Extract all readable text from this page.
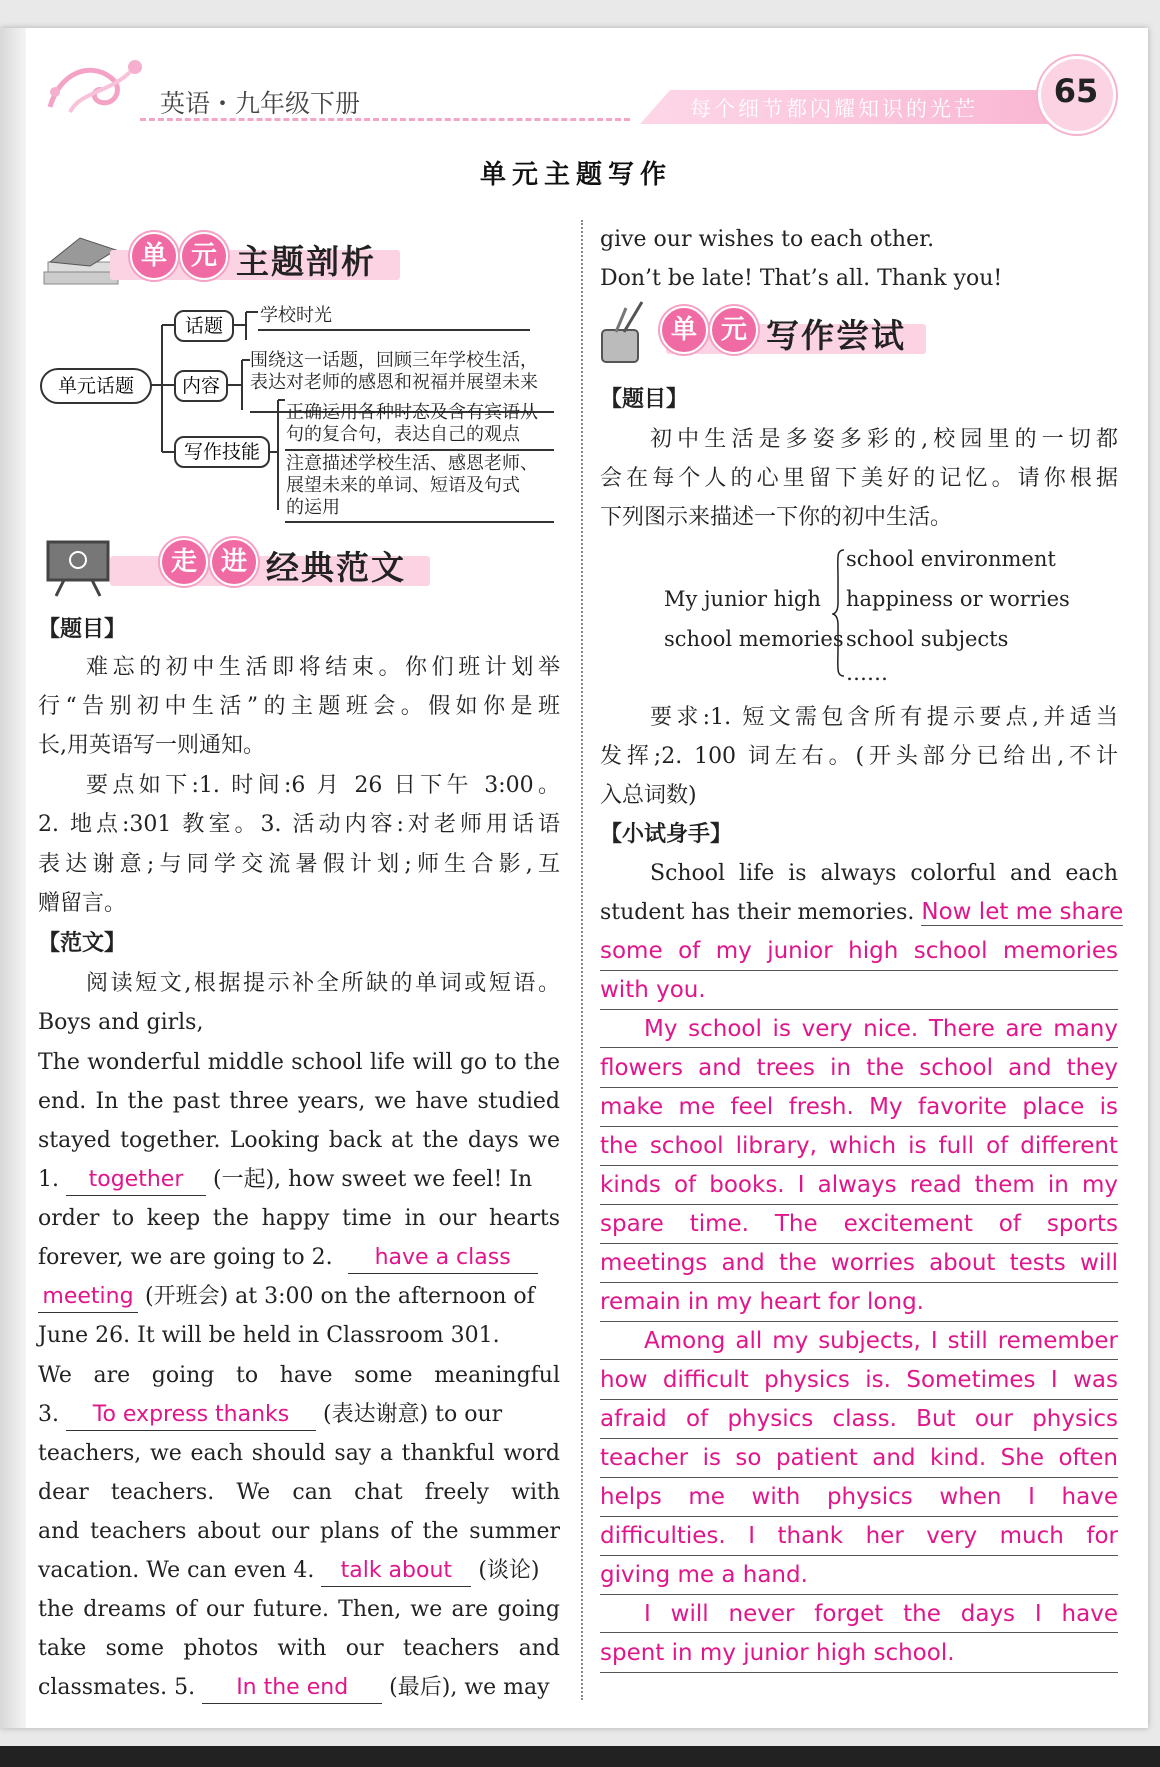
英语・九年级下册	每个细节都闪耀知识的光芒	65
单元主题写作
单 元 主题剖析
单元话题
话题
内容
写作技能
学校时光
围绕这一话题，回顾三年学校生活，
表达对老师的感恩和祝福并展望未来
正确运用各种时态及含有宾语从
句的复合句，表达自己的观点
注意描述学校生活、感恩老师、
展望未来的单词、短语及句式
的运用
走 进 经典范文
【题目】
难忘的初中生活即将结束。你们班计划举
行“告别初中生活”的主题班会。假如你是班
长,用英语写一则通知。
要点如下:1. 时间:6 月 26 日下午 3:00。
2. 地点:301 教室。3. 活动内容:对老师用话语
表达谢意;与同学交流暑假计划;师生合影,互
赠留言。
【范文】
阅读短文,根据提示补全所缺的单词或短语。
Boys and girls,
The wonderful middle school life will go to the
end. In the past three years, we have studied
stayed together. Looking back at the days we
1. together (一起), how sweet we feel! In
order to keep the happy time in our hearts
forever, we are going to 2. have a class
meeting (开班会) at 3:00 on the afternoon of
June 26. It will be held in Classroom 301.
We are going to have some meaningful
3. To express thanks (表达谢意) to our
teachers, we each should say a thankful word
dear teachers. We can chat freely with
and teachers about our plans of the summer
vacation. We can even 4. talk about (谈论)
the dreams of our future. Then, we are going
take some photos with our teachers and
classmates. 5. In the end (最后), we may
give our wishes to each other.
Don’t be late! That’s all. Thank you!
单 元 写作尝试
【题目】
初中生活是多姿多彩的,校园里的一切都
会在每个人的心里留下美好的记忆。请你根据
下列图示来描述一下你的初中生活。
My junior high
school memories
school environment
happiness or worries
school subjects
……
要求:1. 短文需包含所有提示要点,并适当
发挥;2. 100 词左右。(开头部分已给出,不计
入总词数)
【小试身手】
School life is always colorful and each
student has their memories. Now let me share
some of my junior high school memories
with you.
My school is very nice. There are many
flowers and trees in the school and they
make me feel fresh. My favorite place is
the school library, which is full of different
kinds of books. I always read them in my
spare time. The excitement of sports
meetings and the worries about tests will
remain in my heart for long.
Among all my subjects, I still remember
how difficult physics is. Sometimes I was
afraid of physics class. But our physics
teacher is so patient and kind. She often
helps me with physics when I have
difficulties. I thank her very much for
giving me a hand.
I will never forget the days I have
spent in my junior high school.
